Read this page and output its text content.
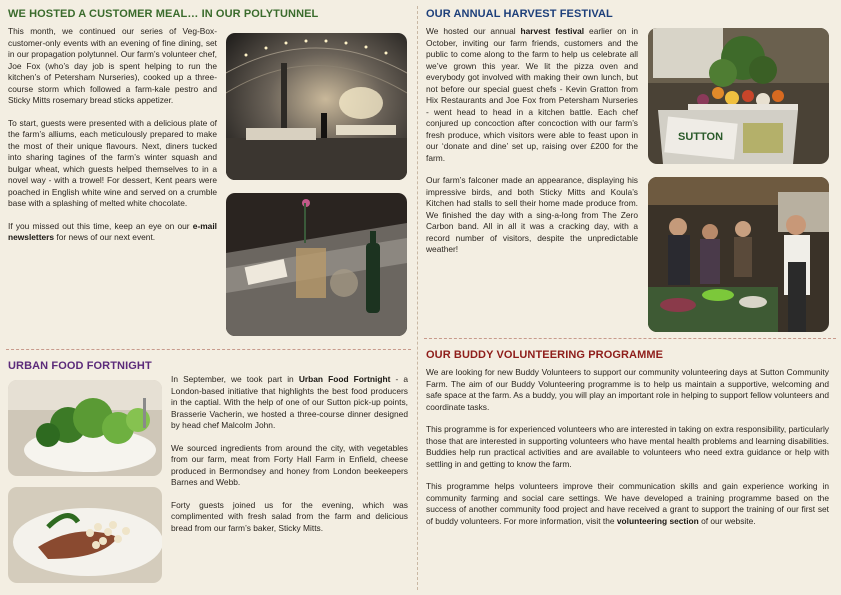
WE HOSTED A CUSTOMER MEAL… IN OUR POLYTUNNEL

This month, we continued our series of Veg-Box-customer-only events with an evening of fine dining, set in our propagation polytunnel. Our farm’s volunteer chef, Joe Fox (who’s day job is spent helping to run the kitchen’s of Petersham Nurseries), cooked up a three-course storm which followed a farm-kale pestro and Sticky Mitts rosemary bread sticks appetizer.

To start, guests were presented with a delicious plate of the farm’s alliums, each meticulously prepared to make the most of their unique flavours. Next, diners tucked into sharing tagines of the farm’s winter squash and bulgar wheat, which guests helped themselves to in a novel way - with a trowel! For dessert, Kent pears were poached in English white wine and served on a crumble base with a splashing of melted white chocolate.

If you missed out this time, keep an eye on our e-mail newsletters for news of our next event.

OUR ANNUAL HARVEST FESTIVAL

We hosted our annual harvest festival earlier on in October, inviting our farm friends, customers and the public to come along to the farm to help us celebrate all we’ve grown this year. We lit the pizza oven and everybody got involved with making their own lunch, but not before our special guest chefs - Kevin Gratton from Hix Restaurants and Joe Fox from Petersham Nurseries - went head to head in a kitchen battle. Each chef conjured up concoction after concoction with our farm’s fresh produce, which visitors were able to feast upon in our ‘donate and dine’ set up, raising over £200 for the farm.

Our farm’s falconer made an appearance, displaying his impressive birds, and both Sticky Mitts and Koula’s Kitchen had stalls to sell their home made produce from. We finished the day with a sing-a-long from The Zero Carbon band. All in all it was a cracking day, with a record number of visitors, despite the unpredictable weather!

SUTTON
URBAN FOOD FORTNIGHT

In September, we took part in Urban Food Fortnight - a London-based initiative that highlights the best food producers in the captial. With the help of one of our Sutton pick-up points, Brasserie Vacherin, we hosted a three-course dinner designed by head chef Malcolm John.

We sourced ingredients from around the city, with vegetables from our farm, meat from Forty Hall Farm in Enfield, cheese produced in Bermondsey and honey from London beekeepers Barnes and Webb.

Forty guests joined us for the evening, which was complimented with fresh salad from the farm and delicious bread from our farm’s baker, Sticky Mitts.

OUR BUDDY VOLUNTEERING PROGRAMME

We are looking for new Buddy Volunteers to support our community volunteering days at Sutton Community Farm. The aim of our Buddy Volunteering programme is to help us maintain a supportive, welcoming and safe space at the farm. As a buddy, you will play an important role in helping to support fellow volunteers and coordinate tasks.

This programme is for experienced volunteers who are interested in taking on extra responsibility, particularly those that are interested in supporting volunteers who have mental health problems and learning disabilities. Buddies help run practical activities and are available to volunteers who need extra guidance or help with settling in and getting to know the farm.

This programme helps volunteers improve their communication skills and gain experience working in community farming and social care settings. We have developed a training programme based on the success of another community food project and have received a grant to support the training of our first set of buddy volunteers. For more information, visit the volunteering section of our website.
